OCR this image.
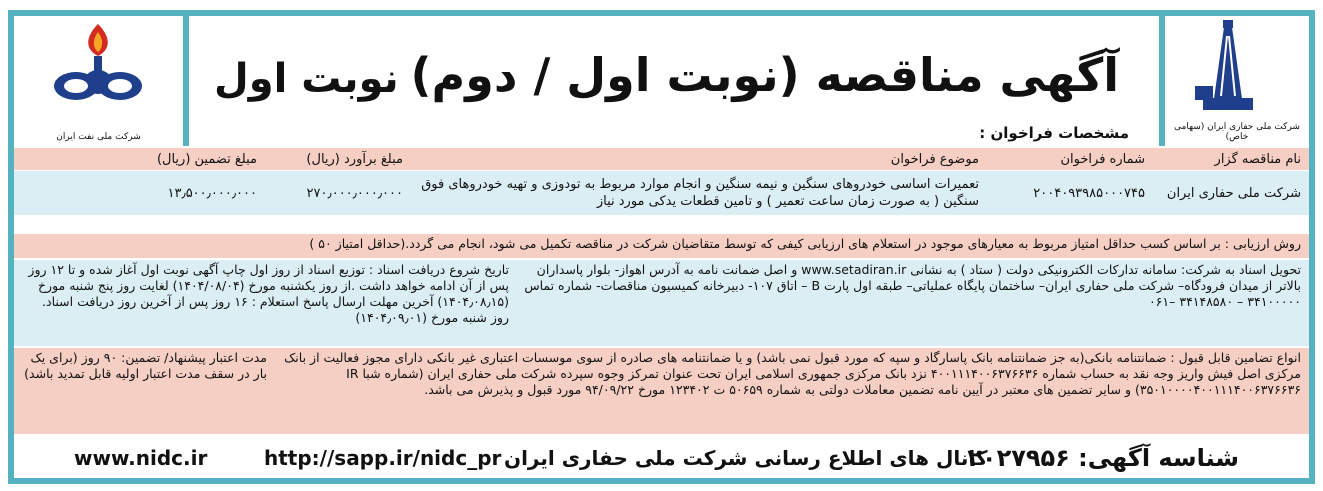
شرکت ملی حفاری ایران (سهامی خاص)
آگهی مناقصه (نوبت اول / دوم)
مشخصات فراخوان :
نوبت اول
شرکت ملی نفت ایران
نام مناقصه گزار	شماره فراخوان	موضوع فراخوان	مبلغ برآورد (ریال)	مبلغ تضمین (ریال)
شرکت ملی حفاری ایران	۲۰۰۴۰۹۳۹۸۵۰۰۰۷۴۵	تعمیرات اساسی خودروهای سنگین و نیمه سنگین و انجام موارد مربوط به تودوزی و تهیه خودروهای فوق سنگین ( به صورت زمان ساعت تعمیر ) و تامین قطعات یدکی مورد نیاز	۲۷۰٫۰۰۰٫۰۰۰٫۰۰۰	۱۳٫۵۰۰٫۰۰۰٫۰۰۰
روش ارزیابی : بر اساس کسب حداقل امتیاز مربوط به معیارهای موجود در استعلام های ارزیابی کیفی که توسط متقاضیان شرکت در مناقصه تکمیل می شود، انجام می گردد.(حداقل امتیاز ۵۰ )
تحویل اسناد به شرکت: سامانه تدارکات الکترونیکی دولت ( ستاد ) به نشانی www.setadiran.ir و اصل ضمانت نامه به آدرس اهواز- بلوار پاسداران بالاتر از میدان فرودگاه– شرکت ملی حفاری ایران– ساختمان پایگاه عملیاتی– طبقه اول پارت B – اتاق ۱۰۷- دبیرخانه کمیسیون مناقصات- شماره تماس ۳۴۱۰۰۰۰۰ – ۳۴۱۴۸۵۸۰ –۰۶۱
تاریخ شروع دریافت اسناد : توزیع اسناد از روز اول چاپ آگهی نوبت اول آغاز شده و تا ۱۲ روز پس از آن ادامه خواهد داشت .از روز یکشنبه مورخ (۱۴۰۴/۰۸/۰۴) لغایت روز پنج شنبه مورخ (۱۴۰۴٫۰۸٫۱۵) آخرین مهلت ارسال پاسخ استعلام : ۱۶ روز پس از آخرین روز دریافت اسناد. روز شنبه مورخ (۱۴۰۴٫۰۹٫۰۱)
انواع تضامین قابل قبول : ضمانتنامه بانکی(به جز ضمانتنامه بانک پاسارگاد و سپه که مورد قبول نمی باشد) و یا ضمانتنامه های صادره از سوی موسسات اعتباری غیر بانکی دارای مجوز فعالیت از بانک مرکزی اصل فیش واریز وجه نقد به حساب شماره ۴۰۰۱۱۱۴۰۰۶۳۷۶۶۳۶ نزد بانک مرکزی جمهوری اسلامی ایران تحت عنوان تمرکز وجوه سپرده شرکت ملی حفاری ایران (شماره شبا IR ۳۵۰۱۰۰۰۰۴۰۰۱۱۱۴۰۰۶۳۷۶۶۳۶) و سایر تضمین های معتبر در آیین نامه تضمین معاملات دولتی به شماره ۵۰۶۵۹ ت ۱۲۳۴۰۲ مورخ ۹۴/۰۹/۲۲ مورد قبول و پذیرش می باشد.
مدت اعتبار پیشنهاد/ تضمین: ۹۰ روز (برای یک بار در سقف مدت اعتبار اولیه قابل تمدید باشد)
www.nidc.ir	http://sapp.ir/nidc_pr کانال های اطلاع رسانی شرکت ملی حفاری ایران
شناسه آگهی: ۲۰۲۷۹۵۶
